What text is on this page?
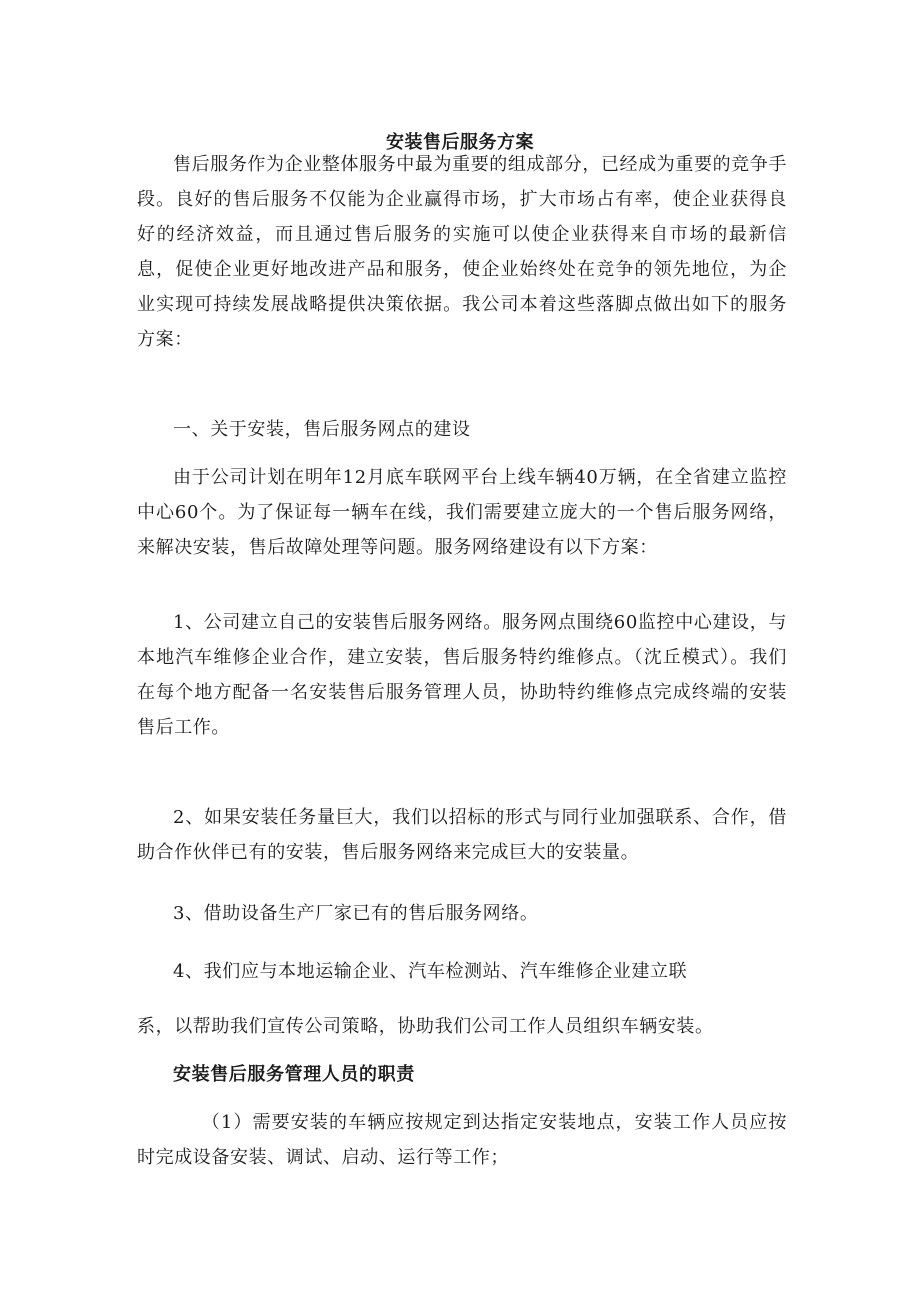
安装售后服务方案

售后服务作为企业整体服务中最为重要的组成部分，已经成为重要的竞争手段。良好的售后服务不仅能为企业赢得市场，扩大市场占有率，使企业获得良好的经济效益，而且通过售后服务的实施可以使企业获得来自市场的最新信息，促使企业更好地改进产品和服务，使企业始终处在竞争的领先地位，为企业实现可持续发展战略提供决策依据。我公司本着这些落脚点做出如下的服务方案：

一、关于安装，售后服务网点的建设

由于公司计划在明年12月底车联网平台上线车辆40万辆，在全省建立监控中心60个。为了保证每一辆车在线，我们需要建立庞大的一个售后服务网络，来解决安装，售后故障处理等问题。服务网络建设有以下方案：

1、公司建立自己的安装售后服务网络。服务网点围绕60监控中心建设，与本地汽车维修企业合作，建立安装，售后服务特约维修点。（沈丘模式）。我们在每个地方配备一名安装售后服务管理人员，协助特约维修点完成终端的安装售后工作。

2、如果安装任务量巨大，我们以招标的形式与同行业加强联系、合作，借助合作伙伴已有的安装，售后服务网络来完成巨大的安装量。

3、借助设备生产厂家已有的售后服务网络。

4、我们应与本地运输企业、汽车检测站、汽车维修企业建立联

系，以帮助我们宣传公司策略，协助我们公司工作人员组织车辆安装。

安装售后服务管理人员的职责

（1）需要安装的车辆应按规定到达指定安装地点，安装工作人员应按时完成设备安装、调试、启动、运行等工作；
